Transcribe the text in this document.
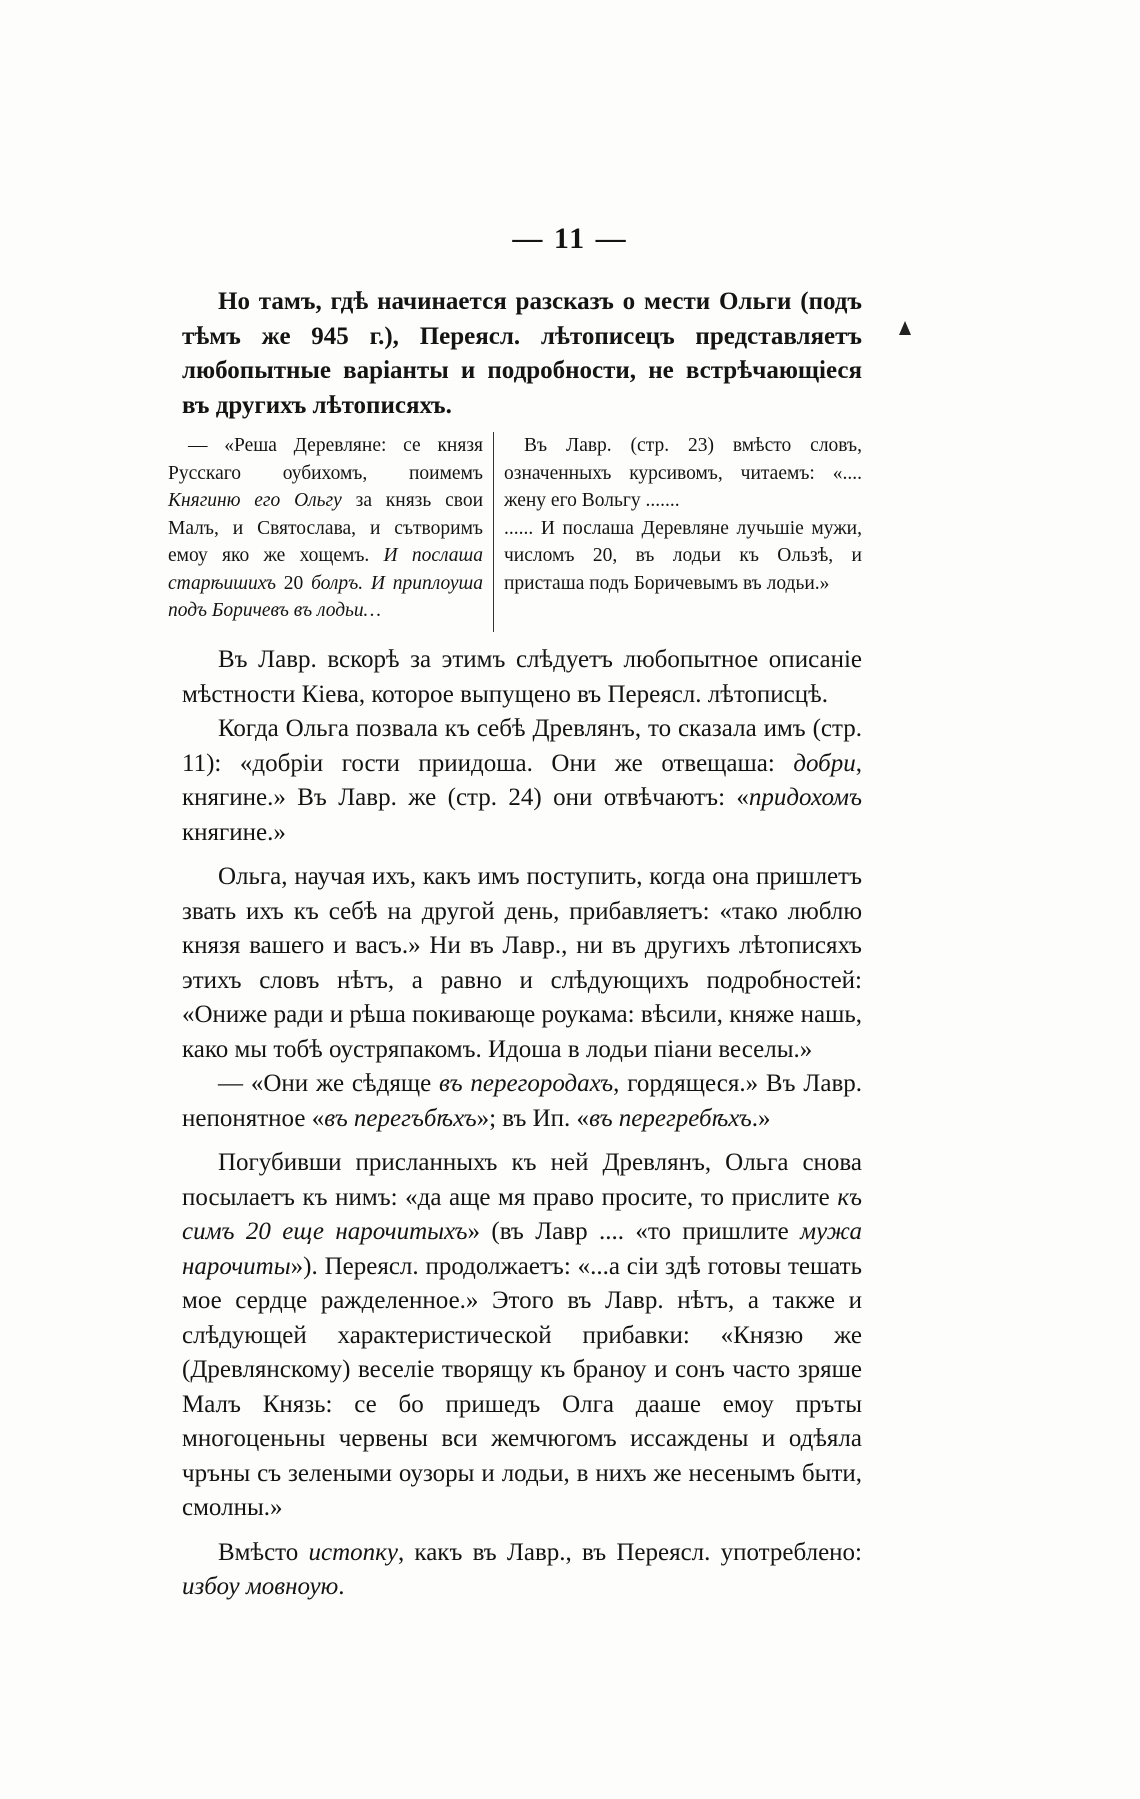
— 11 —

Но тамъ, гдѣ начинается разсказъ о мести Ольги (подъ тѣмъ же 945 г.), Переясл. лѣтописецъ представляетъ любопытные варіанты и подробности, не встрѣчающіеся въ другихъ лѣтописяхъ.

— «Реша Деревляне: се князя Русскаго оубихомъ, поимемъ Княгиню его Ольгу за князь свои Малъ, и Святослава, и сътворимъ емоу яко же хощемъ. И послаша старѣишихъ 20 болръ. И приплоуша подъ Боричевъ въ лодьи…

Въ Лавр. (стр. 23) вмѣсто словъ, означенныхъ курсивомъ, читаемъ: «.... жену его Вольгу .......

...... И послаша Деревляне лучьшіе мужи, числомъ 20, въ лодьи къ Ользѣ, и присташа подъ Боричевымъ въ лодьи.»

Въ Лавр. вскорѣ за этимъ слѣдуетъ любопытное описаніе мѣстности Кіева, которое выпущено въ Переясл. лѣтописцѣ.

Когда Ольга позвала къ себѣ Древлянъ, то сказала имъ (стр. 11): «добріи гости приидоша. Они же отвещаша: добри, княгине.» Въ Лавр. же (стр. 24) они отвѣчаютъ: «придохомъ княгине.»

Ольга, научая ихъ, какъ имъ поступить, когда она пришлетъ звать ихъ къ себѣ на другой день, прибавляетъ: «тако люблю князя вашего и васъ.» Ни въ Лавр., ни въ другихъ лѣтописяхъ этихъ словъ нѣтъ, а равно и слѣдующихъ подробностей: «Ониже ради и рѣша покивающе роукама: вѣсили, княже нашь, како мы тобѣ оустряпакомъ. Идоша в лодьи піани веселы.»

— «Они же сѣдяще въ перегородахъ, гордящеся.» Въ Лавр. непонятное «въ перегъбѣхъ»; въ Ип. «въ перегребѣхъ.»

Погубивши присланныхъ къ ней Древлянъ, Ольга снова посылаетъ къ нимъ: «да аще мя право просите, то прислите къ симъ 20 еще нарочитыхъ» (въ Лавр .... «то пришлите мужа нарочиты»). Переясл. продолжаетъ: «...а сіи здѣ готовы тешать мое сердце ражделенное.» Этого въ Лавр. нѣтъ, а также и слѣдующей характеристической прибавки: «Князю же (Древлянскому) веселіе творящу къ браноу и сонъ часто зряше Малъ Князь: се бо пришедъ Олга дааше емоу пръты многоценьны червены вси жемчюгомъ иссаждены и одѣяла чръны съ зелеными оузоры и лодьи, в нихъ же несенымъ быти, смолны.»

Вмѣсто истопку, какъ въ Лавр., въ Переясл. употреблено: избоу мовноую.
